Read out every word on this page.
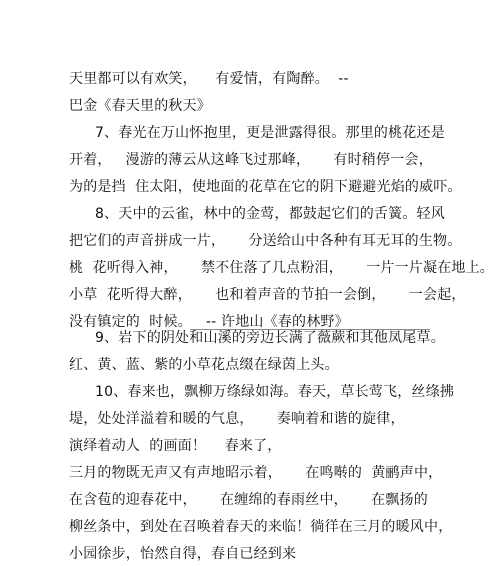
天里都可以有欢笑，    有爱情，有陶醉。  --
巴金《春天里的秋天》
7、春光在万山怀抱里，更是泄露得很。那里的桃花还是
开着，   漫游的薄云从这峰飞过那峰，     有时稍停一会，
为的是挡  住太阳，使地面的花草在它的阴下避避光焰的威吓。
8、天中的云雀，林中的金莺，都鼓起它们的舌簧。轻风
把它们的声音拼成一片，     分送给山中各种有耳无耳的生物。
桃  花听得入神，     禁不住落了几点粉泪，     一片一片凝在地上。
小草  花听得大醉，     也和着声音的节拍一会倒，     一会起，
没有镇定的  时候。   -- 许地山《春的林野》
9、岩下的阴处和山溪的旁边长满了薇蕨和其他凤尾草。
红、黄、蓝、紫的小草花点缀在绿茵上头。
10、春来也，飘柳万绦绿如海。春天，草长莺飞，丝绦拂
堤，处处洋溢着和暖的气息，     奏响着和谐的旋律，
演绎着动人  的画面！    春来了，
三月的物既无声又有声地昭示着，     在鸣啭的  黄鹂声中，
在含苞的迎春花中，     在缠绵的春雨丝中，     在飘扬的
柳丝条中，到处在召唤着春天的来临！徜徉在三月的暖风中，
小园徐步，怡然自得，春自已经到来
